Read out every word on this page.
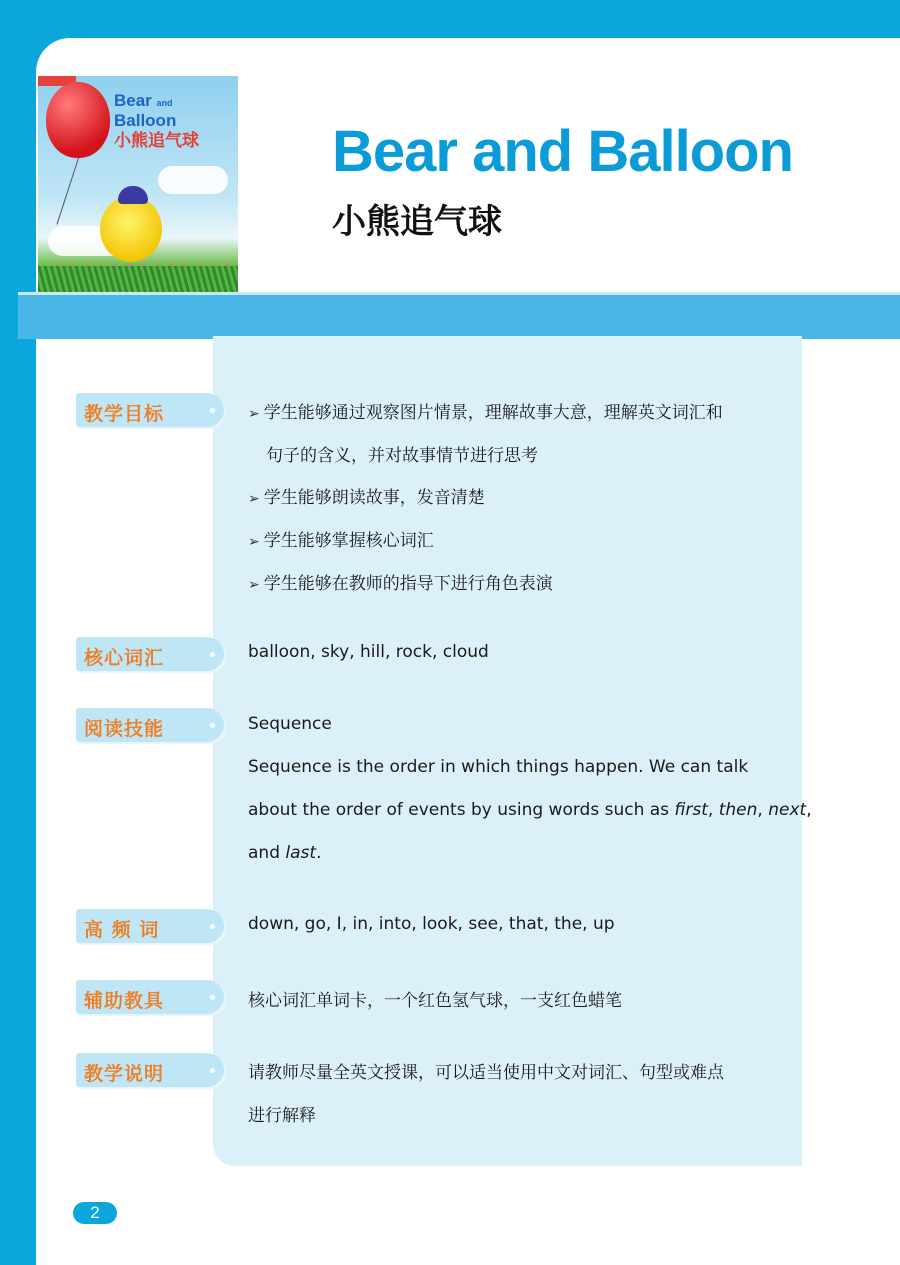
Bear and
Balloon
小熊追气球 Bear and Balloon
小熊追气球
教学目标	➢ 学生能够通过观察图片情景，理解故事大意，理解英文词汇和

句子的含义，并对故事情节进行思考

➢ 学生能够朗读故事，发音清楚

➢ 学生能够掌握核心词汇

➢ 学生能够在教师的指导下进行角色表演

核心词汇	balloon, sky, hill, rock, cloud

阅读技能	Sequence

Sequence is the order in which things happen. We can talk

about the order of events by using words such as first, then, next,

and last.

高 频 词	down, go, I, in, into, look, see, that, the, up

辅助教具	核心词汇单词卡，一个红色氢气球，一支红色蜡笔

教学说明	请教师尽量全英文授课，可以适当使用中文对词汇、句型或难点

进行解释

2
